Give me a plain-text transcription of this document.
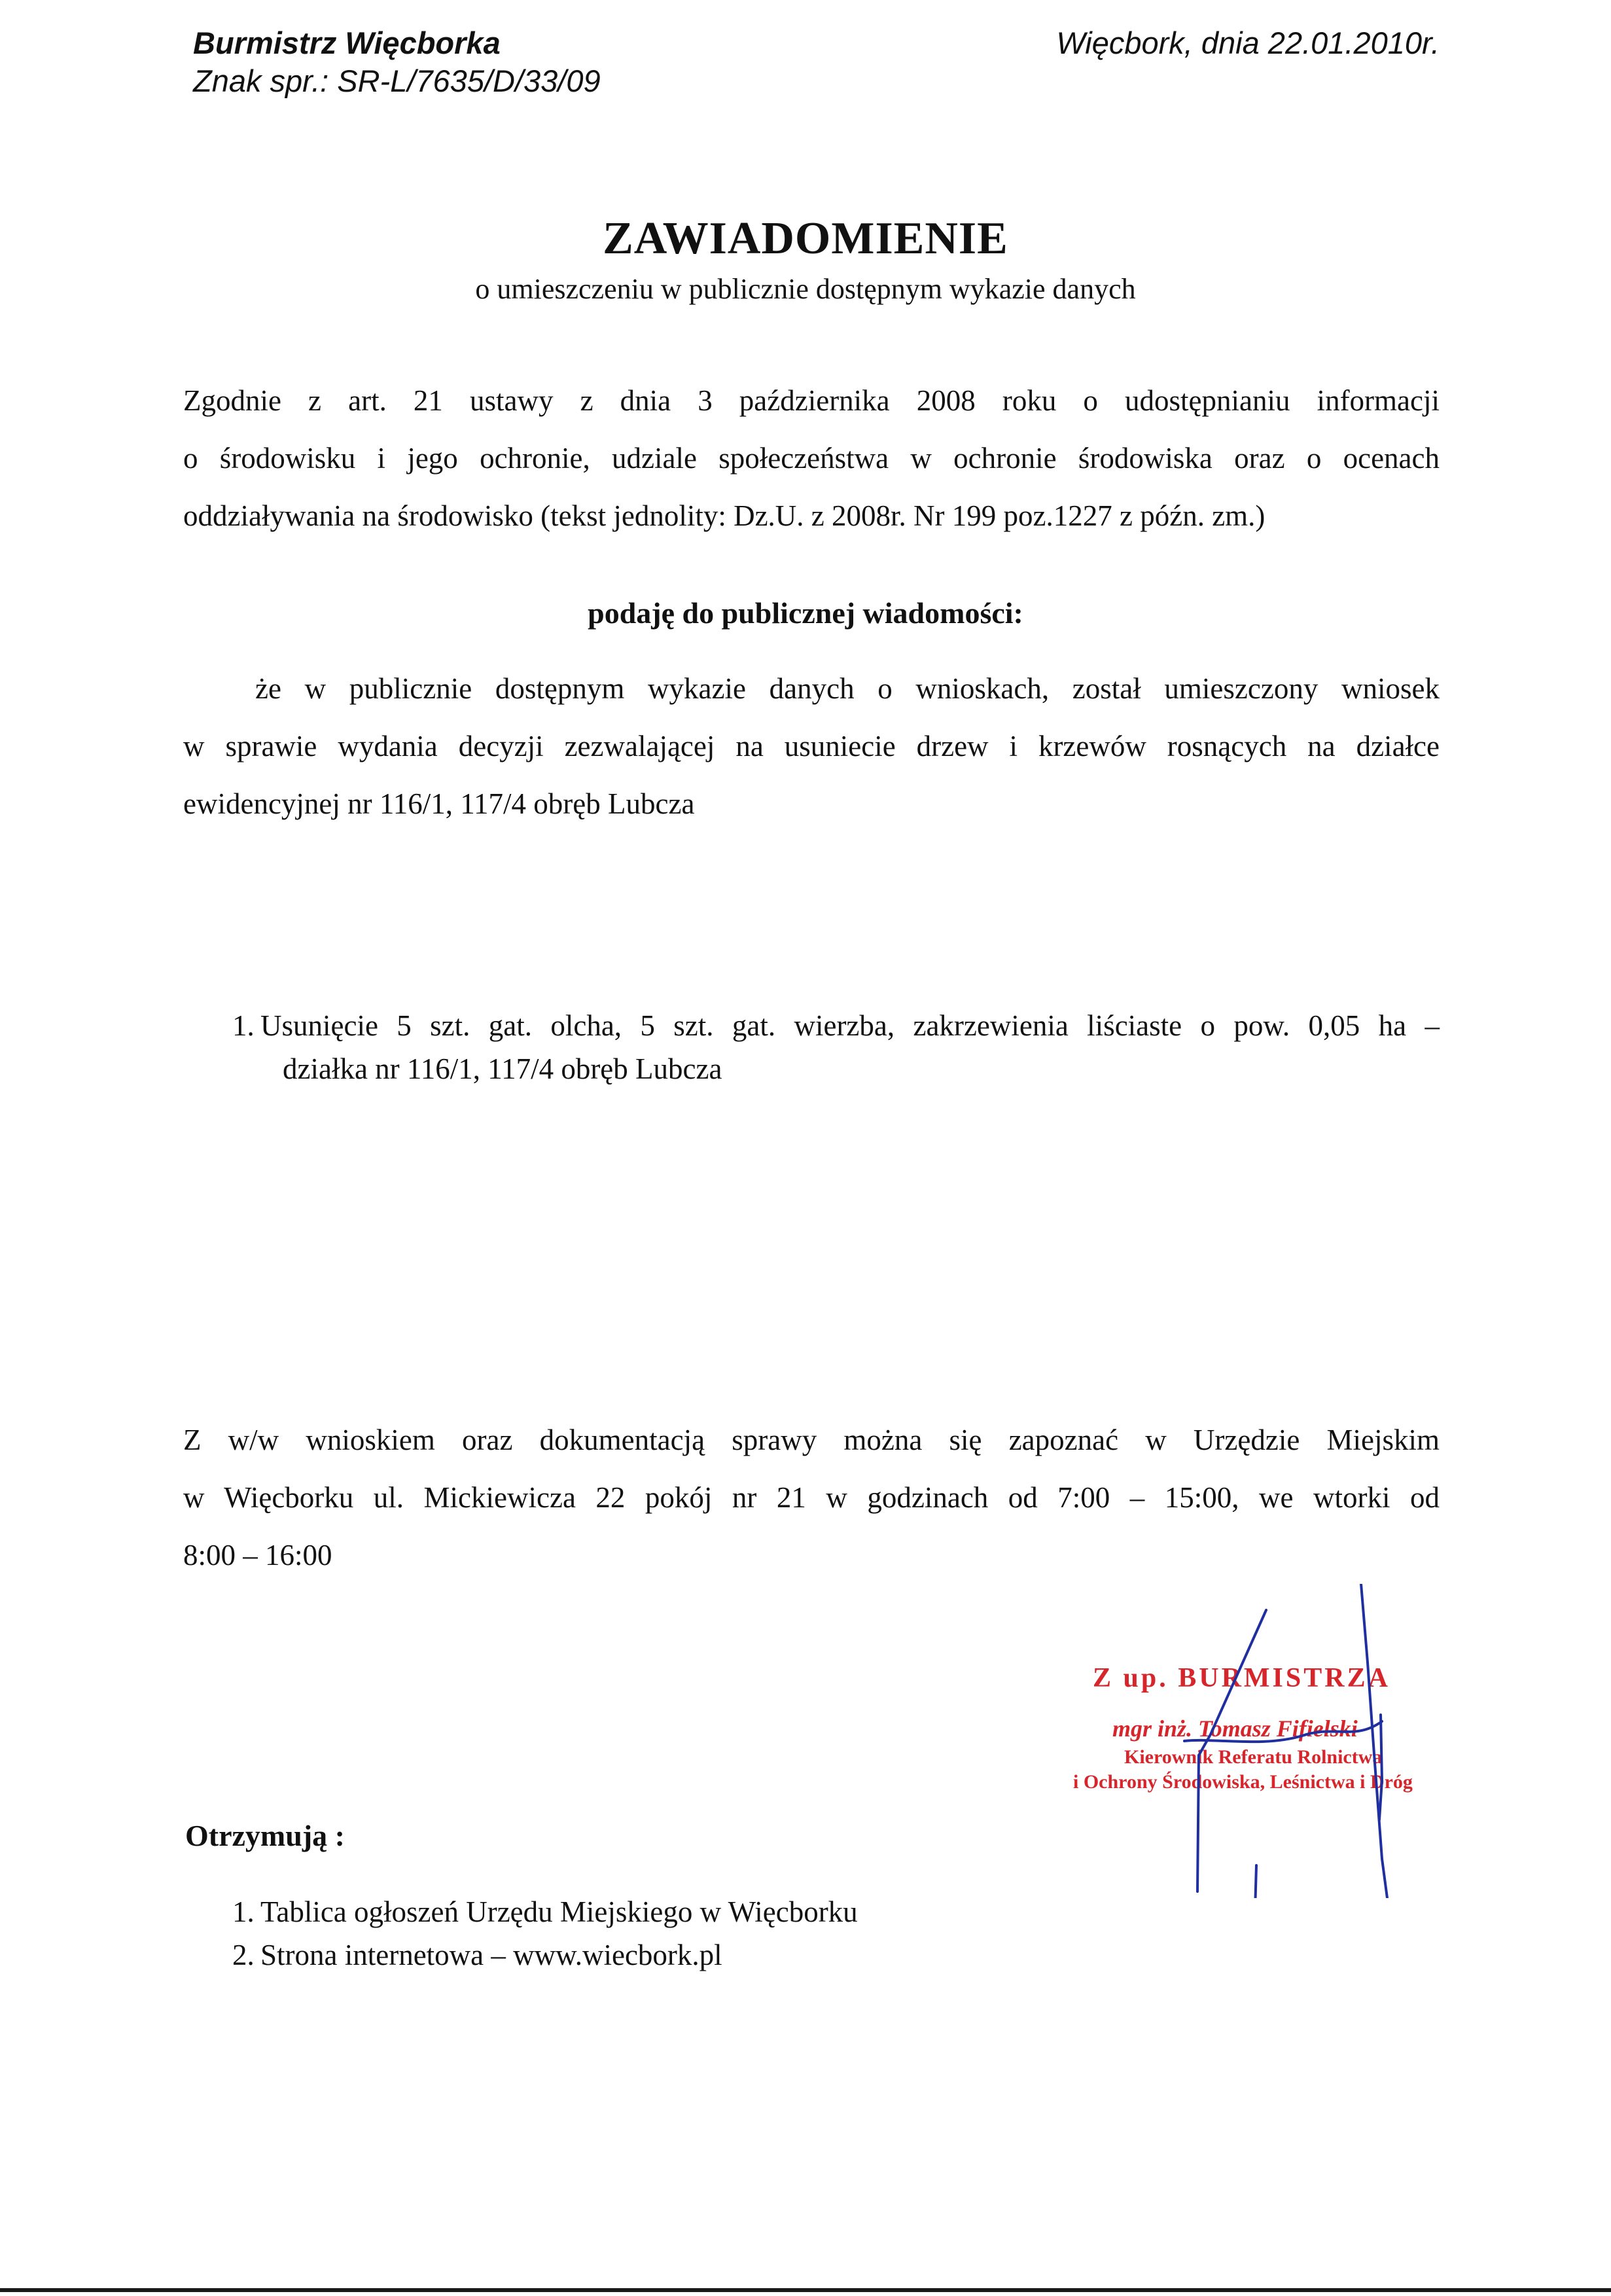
Burmistrz Więcborka
Znak spr.: SR-L/7635/D/33/09
Więcbork, dnia 22.01.2010r.
ZAWIADOMIENIE
o umieszczeniu w publicznie dostępnym wykazie danych
Zgodnie z art. 21 ustawy z dnia 3 października 2008 roku o udostępnianiu informacji
o środowisku i jego ochronie, udziale społeczeństwa w ochronie środowiska oraz o ocenach
oddziaływania na środowisko (tekst jednolity: Dz.U. z 2008r. Nr 199 poz.1227 z późn. zm.)
podaję do publicznej wiadomości:
że w publicznie dostępnym wykazie danych o wnioskach, został umieszczony wniosek
w sprawie wydania decyzji zezwalającej na usuniecie drzew i krzewów rosnących na działce
ewidencyjnej nr 116/1, 117/4 obręb Lubcza
1. Usunięcie 5 szt. gat. olcha, 5 szt. gat. wierzba, zakrzewienia liściaste o pow. 0,05 ha –
działka nr 116/1, 117/4 obręb Lubcza
Z w/w wnioskiem oraz dokumentacją sprawy można się zapoznać w Urzędzie Miejskim
w Więcborku ul. Mickiewicza 22 pokój nr 21 w godzinach od 7:00 – 15:00, we wtorki od
8:00 – 16:00
Z up. BURMISTRZA
mgr inż. Tomasz Fifielski
Kierownik Referatu Rolnictwa
i Ochrony Środowiska, Leśnictwa i Dróg
Otrzymują :
1. Tablica ogłoszeń Urzędu Miejskiego w Więcborku
2. Strona internetowa – www.wiecbork.pl
